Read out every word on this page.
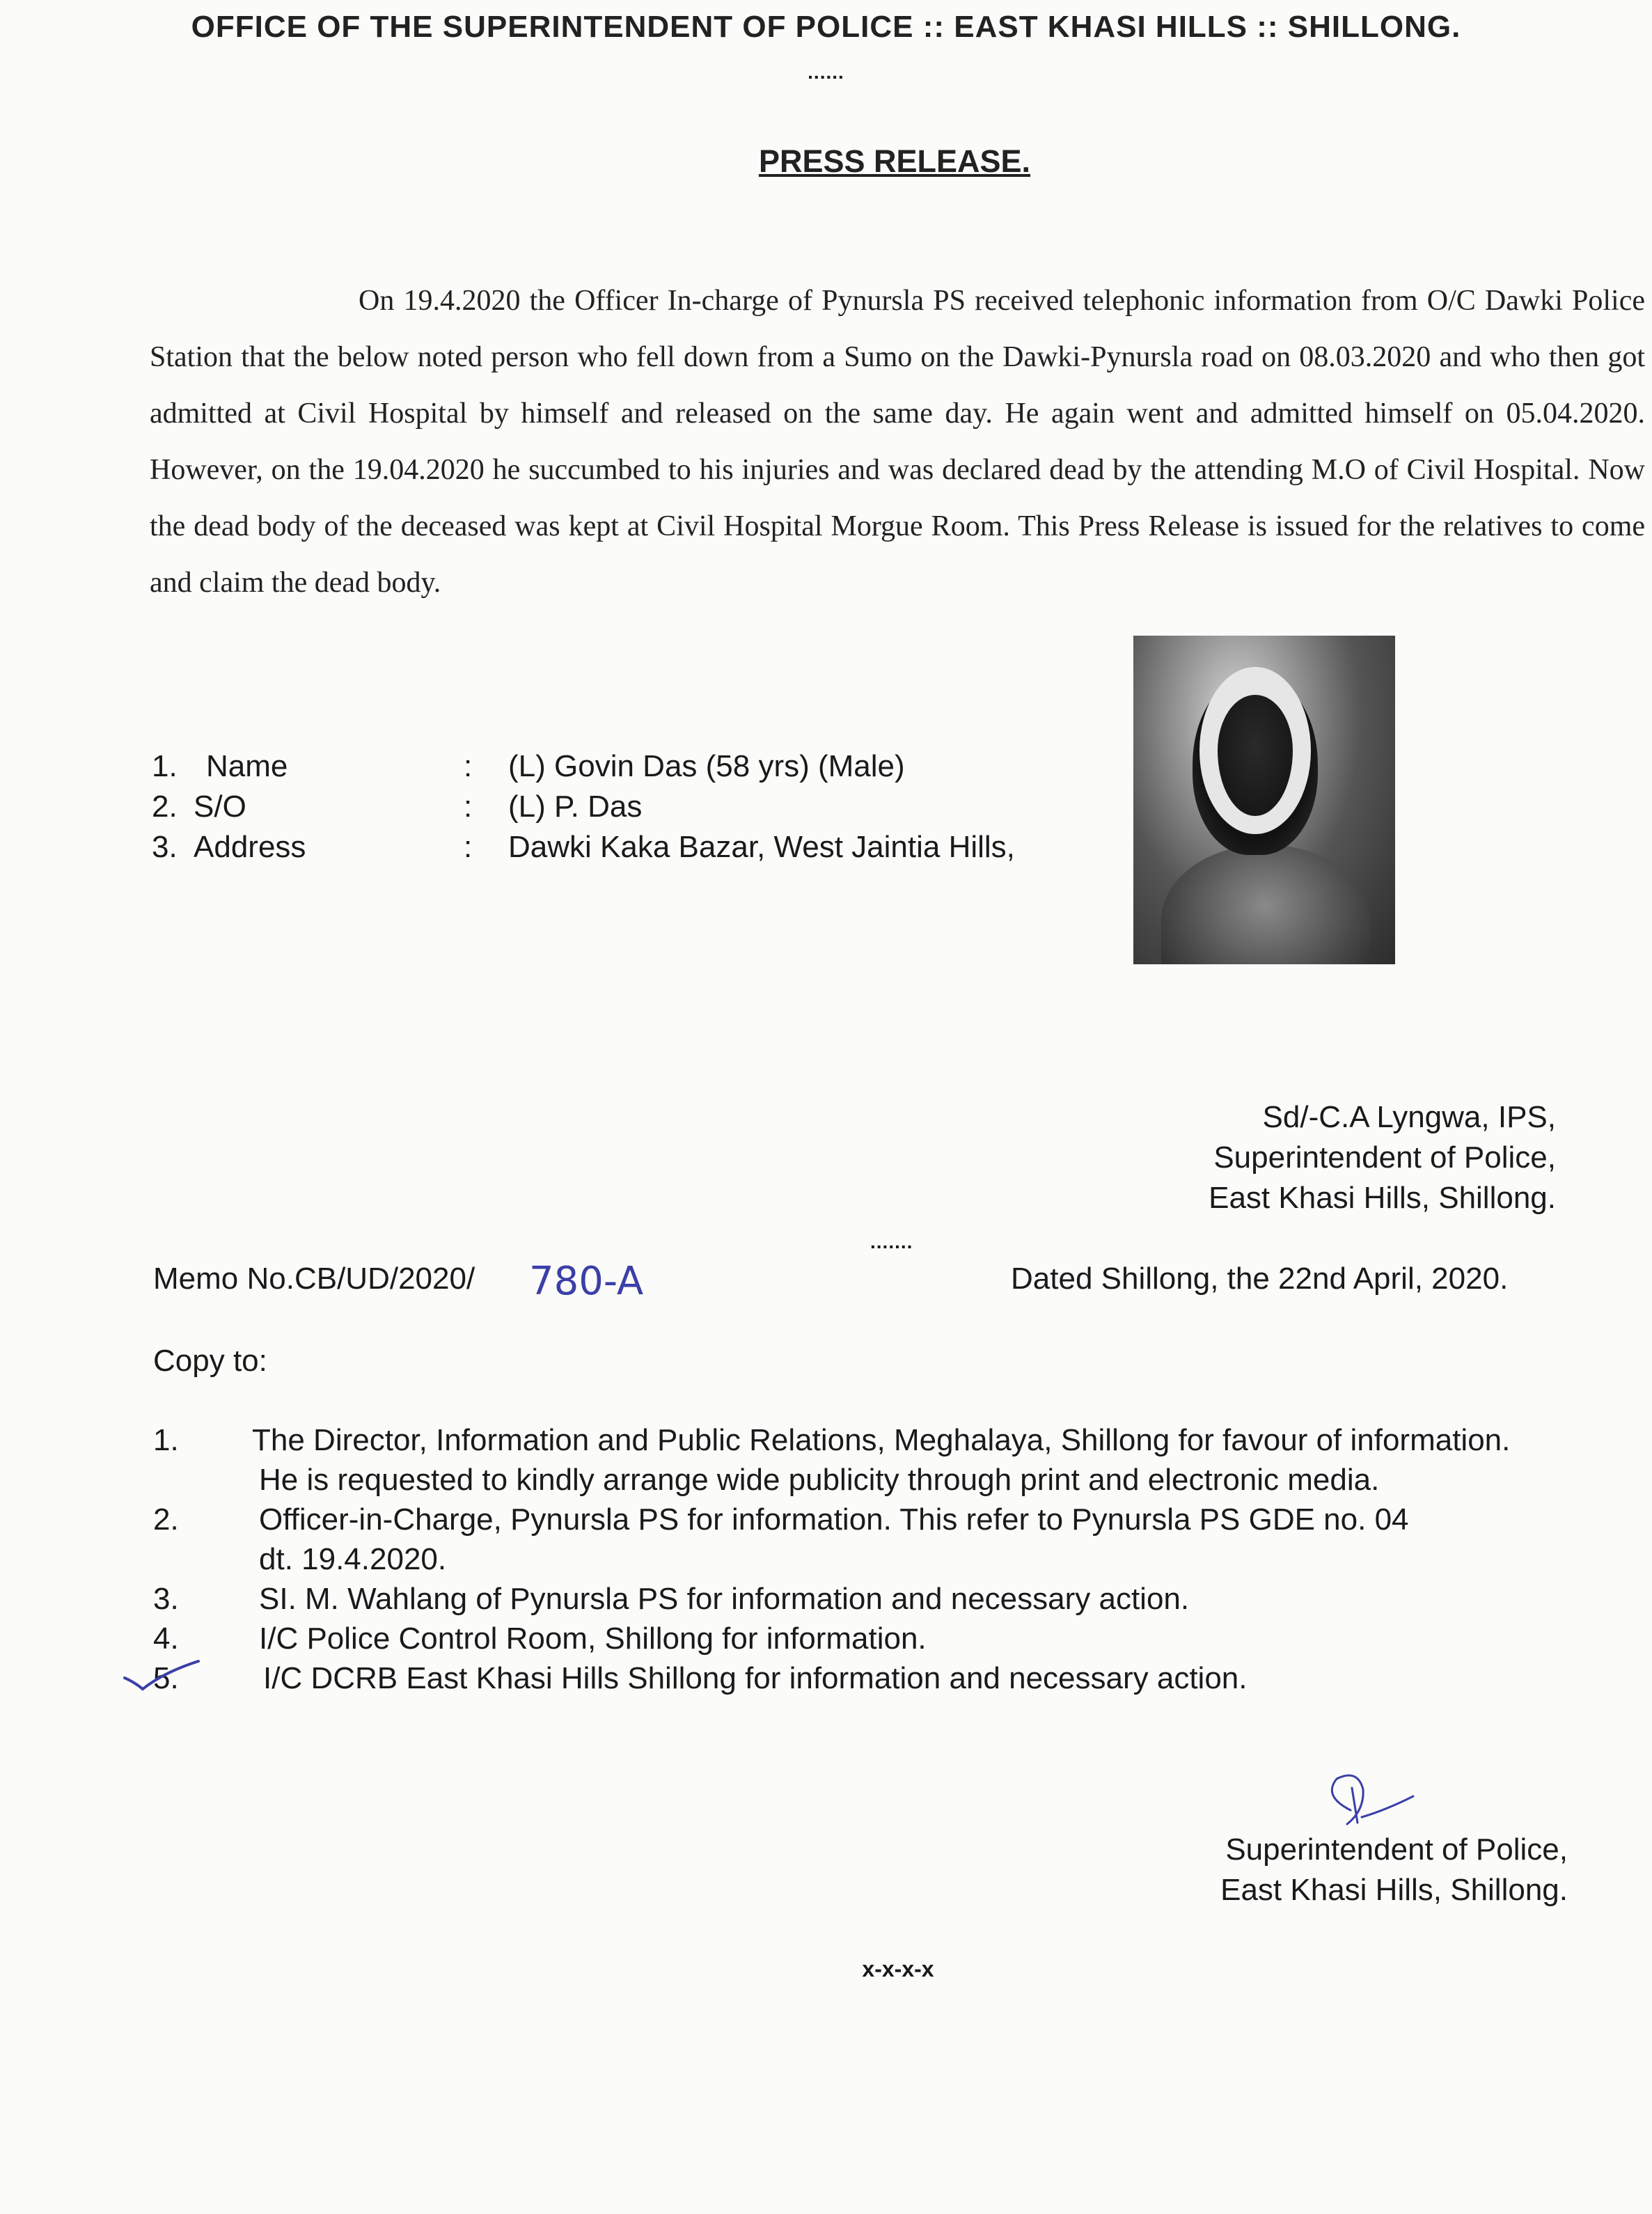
OFFICE OF THE SUPERINTENDENT OF POLICE :: EAST KHASI HILLS :: SHILLONG.
......
PRESS RELEASE.
On 19.4.2020 the Officer In-charge of Pynursla PS received telephonic information from O/C Dawki Police Station that the below noted person who fell down from a Sumo on the Dawki-Pynursla road on 08.03.2020 and who then got admitted at Civil Hospital by himself and released on the same day. He again went and admitted himself on 05.04.2020. However, on the 19.04.2020 he succumbed to his injuries and was declared dead by the attending M.O of Civil Hospital. Now the dead body of the deceased was kept at Civil Hospital Morgue Room. This Press Release is issued for the relatives to come and claim the dead body.
1. Name	: (L) Govin Das (58 yrs) (Male)
2. S/O	: (L) P. Das
3. Address	: Dawki Kaka Bazar, West Jaintia Hills,
Sd/-C.A Lyngwa, IPS,
Superintendent of Police,
East Khasi Hills, Shillong.
.......
Memo No.CB/UD/2020/ 780-A	Dated Shillong, the 22nd April, 2020.
Copy to:
1. The Director, Information and Public Relations, Meghalaya, Shillong for favour of information.
He is requested to kindly arrange wide publicity through print and electronic media.
2.	Officer-in-Charge, Pynursla PS for information. This refer to Pynursla PS GDE no. 04
dt. 19.4.2020.
3.	SI. M. Wahlang of Pynursla PS for information and necessary action.
4.	I/C Police Control Room, Shillong for information.
5.	I/C DCRB East Khasi Hills Shillong for information and necessary action.
Superintendent of Police,
East Khasi Hills, Shillong.
x-x-x-x
